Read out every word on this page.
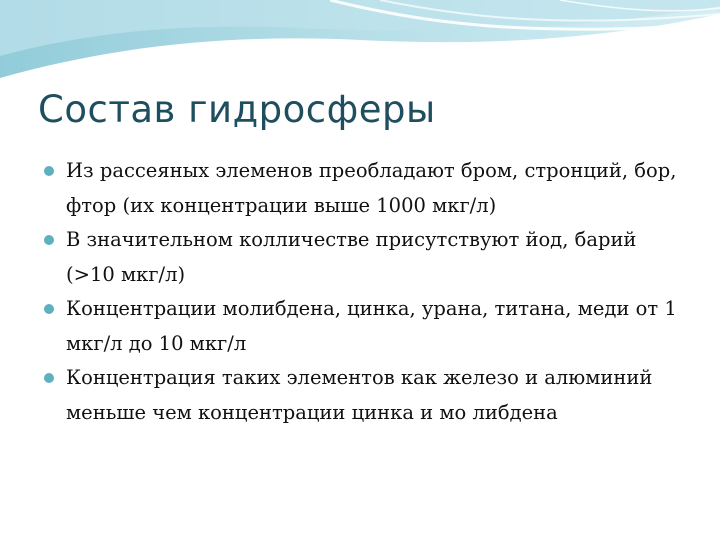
Состав гидросферы
Из рассеяных элеменов преобладают бром, стронций, бор, фтор (их концентрации выше 1000 мкг/л)
В значительном колличестве присутствуют йод, барий (>10 мкг/л)
Концентрации молибдена, цинка, урана, титана, меди от 1 мкг/л до 10 мкг/л
Концентрация таких элементов как железо и алюминий меньше чем концентрации цинка и мо либдена
